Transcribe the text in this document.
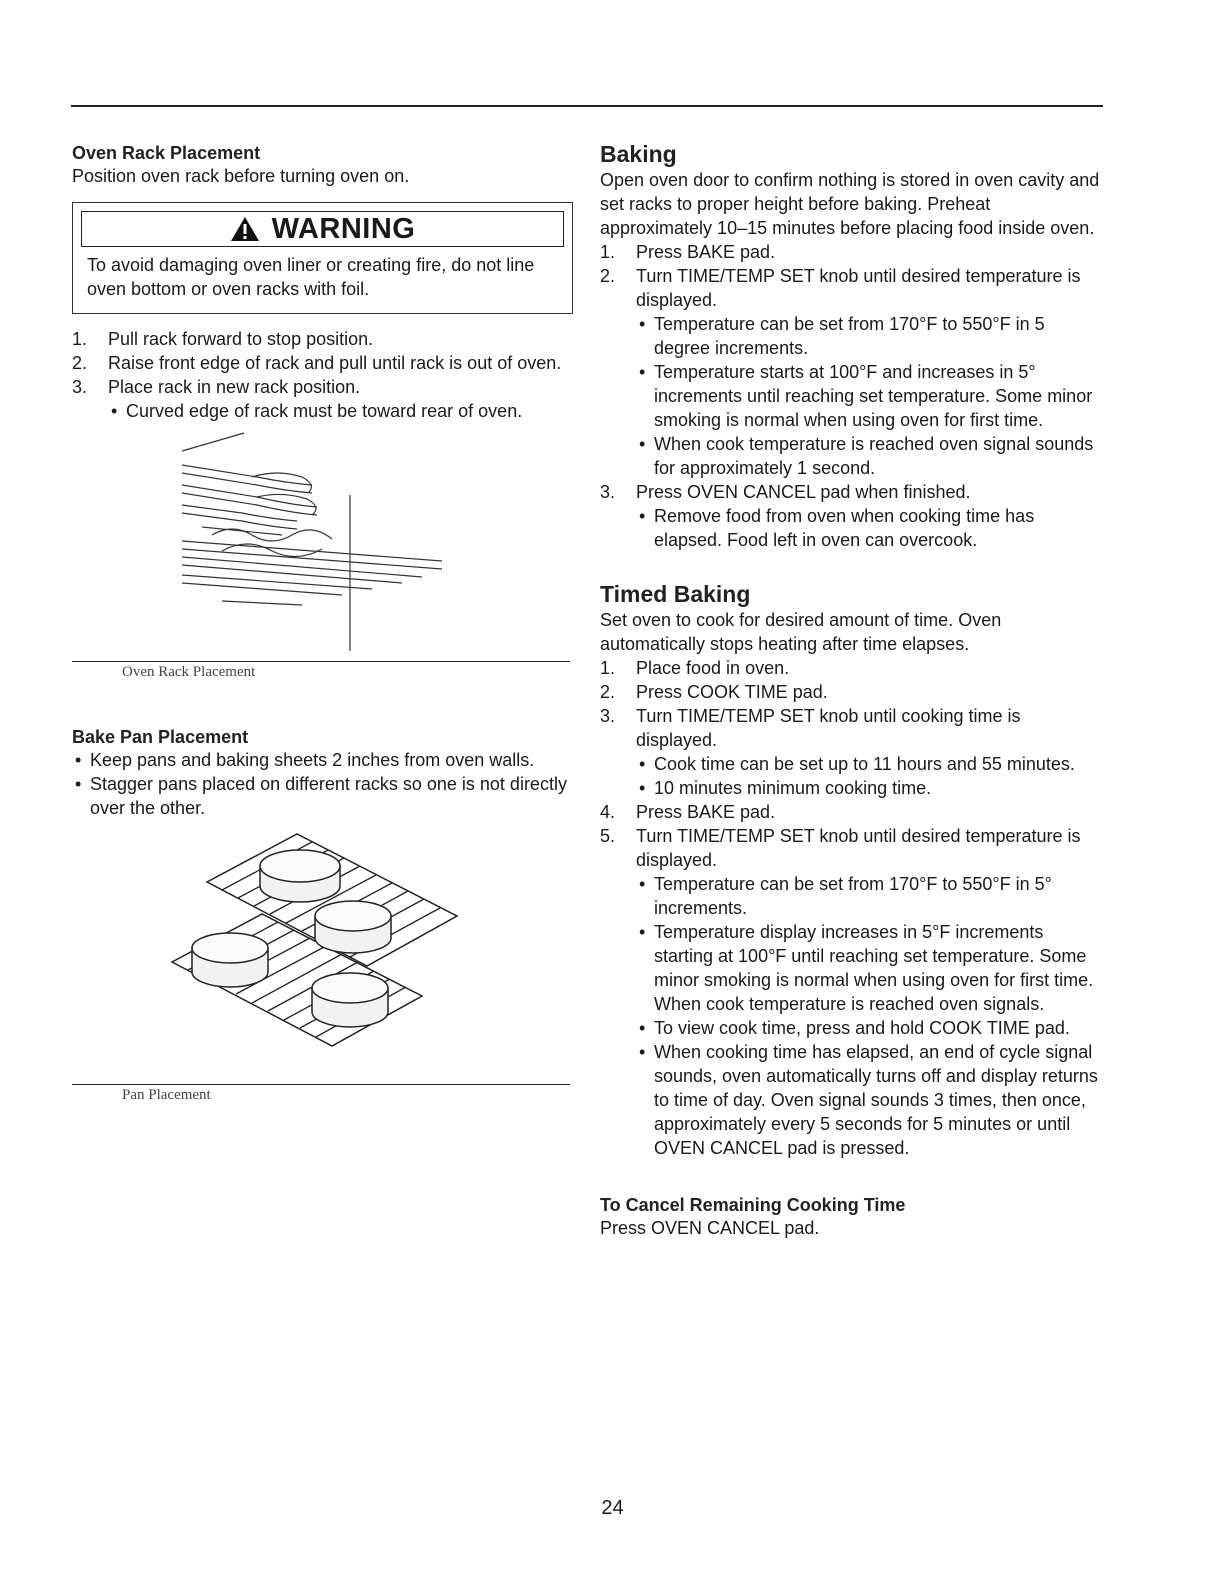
Oven Rack Placement
Position oven rack before turning oven on.
WARNING
To avoid damaging oven liner or creating fire, do not line oven bottom or oven racks with foil.
1. Pull rack forward to stop position.
2. Raise front edge of rack and pull until rack is out of oven.
3. Place rack in new rack position.
• Curved edge of rack must be toward rear of oven.
Oven Rack Placement
Bake Pan Placement
• Keep pans and baking sheets 2 inches from oven walls.
• Stagger pans placed on different racks so one is not directly over the other.
Pan Placement
Baking
Open oven door to confirm nothing is stored in oven cavity and set racks to proper height before baking. Preheat approximately 10–15 minutes before placing food inside oven.
1. Press BAKE pad.
2. Turn TIME/TEMP SET knob until desired temperature is displayed.
• Temperature can be set from 170°F to 550°F in 5 degree increments.
• Temperature starts at 100°F and increases in 5° increments until reaching set temperature. Some minor smoking is normal when using oven for first time.
• When cook temperature is reached oven signal sounds for approximately 1 second.
3. Press OVEN CANCEL pad when finished.
• Remove food from oven when cooking time has elapsed. Food left in oven can overcook.
Timed Baking
Set oven to cook for desired amount of time. Oven automatically stops heating after time elapses.
1. Place food in oven.
2. Press COOK TIME pad.
3. Turn TIME/TEMP SET knob until cooking time is displayed.
• Cook time can be set up to 11 hours and 55 minutes.
• 10 minutes minimum cooking time.
4. Press BAKE pad.
5. Turn TIME/TEMP SET knob until desired temperature is displayed.
• Temperature can be set from 170°F to 550°F in 5° increments.
• Temperature display increases in 5°F increments starting at 100°F until reaching set temperature. Some minor smoking is normal when using oven for first time. When cook temperature is reached oven signals.
• To view cook time, press and hold COOK TIME pad.
• When cooking time has elapsed, an end of cycle signal sounds, oven automatically turns off and display returns to time of day. Oven signal sounds 3 times, then once, approximately every 5 seconds for 5 minutes or until OVEN CANCEL pad is pressed.
To Cancel Remaining Cooking Time
Press OVEN CANCEL pad.
24
